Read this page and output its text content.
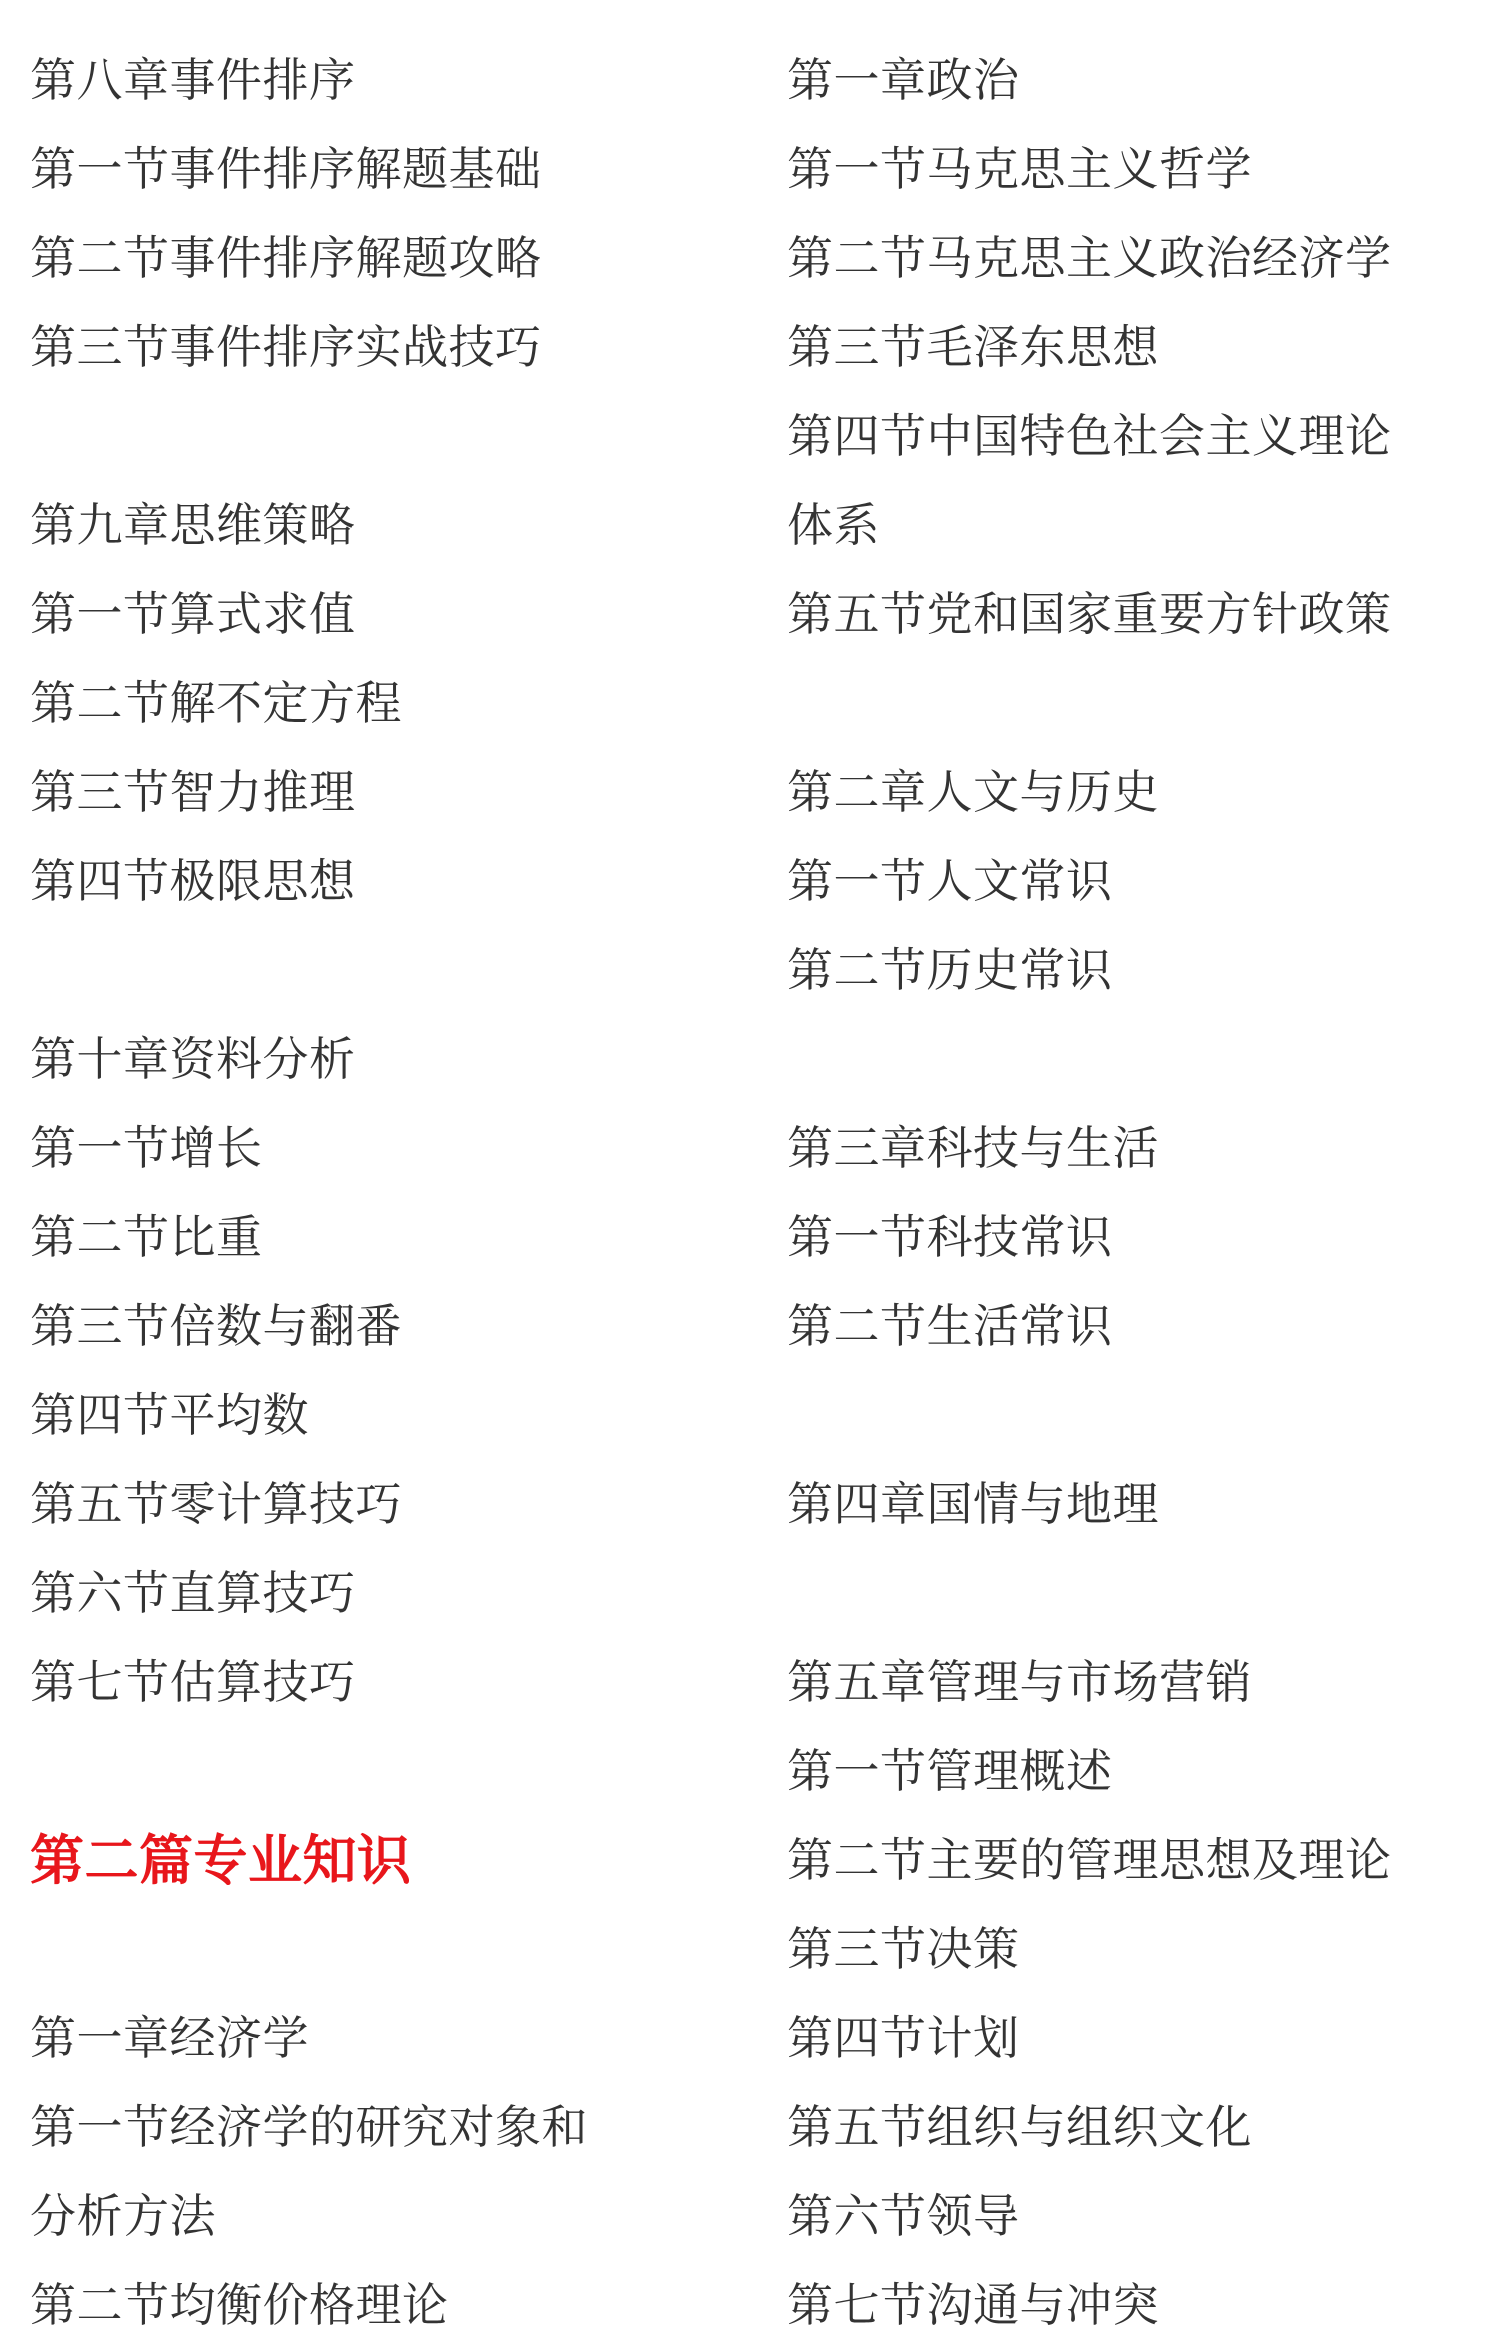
第八章事件排序
第一节事件排序解题基础
第二节事件排序解题攻略
第三节事件排序实战技巧
第九章思维策略
第一节算式求值
第二节解不定方程
第三节智力推理
第四节极限思想
第十章资料分析
第一节增长
第二节比重
第三节倍数与翻番
第四节平均数
第五节零计算技巧
第六节直算技巧
第七节估算技巧
第二篇专业知识
第一章经济学
第一节经济学的研究对象和
分析方法
第二节均衡价格理论
第一章政治
第一节马克思主义哲学
第二节马克思主义政治经济学
第三节毛泽东思想
第四节中国特色社会主义理论
体系
第五节党和国家重要方针政策
第二章人文与历史
第一节人文常识
第二节历史常识
第三章科技与生活
第一节科技常识
第二节生活常识
第四章国情与地理
第五章管理与市场营销
第一节管理概述
第二节主要的管理思想及理论
第三节决策
第四节计划
第五节组织与组织文化
第六节领导
第七节沟通与冲突
